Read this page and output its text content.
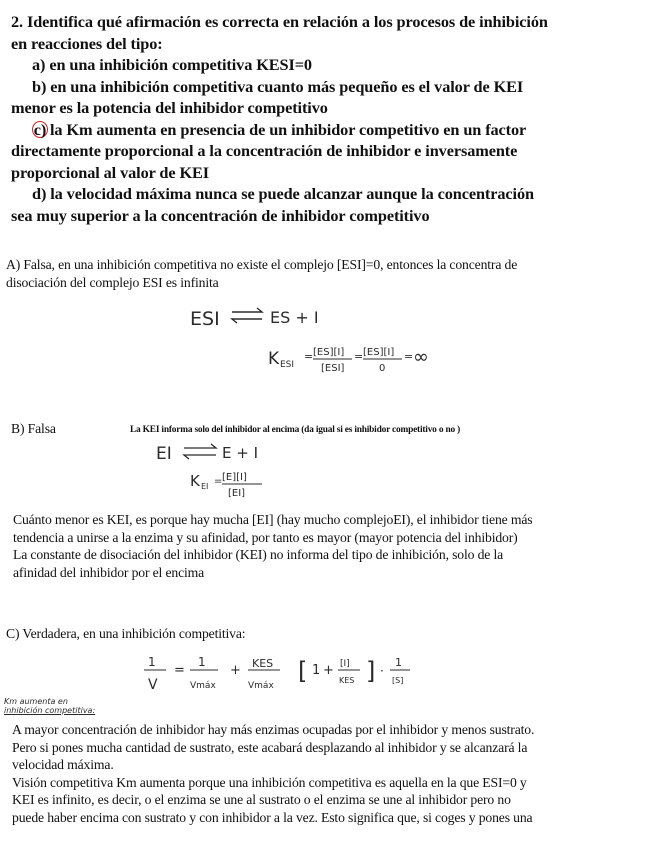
2. Identifica qué afirmación es correcta en relación a los procesos de inhibición

en reacciones del tipo:

a) en una inhibición competitiva KESI=0

b) en una inhibición competitiva cuanto más pequeño es el valor de KEI

menor es la potencia del inhibidor competitivo

c) la Km aumenta en presencia de un inhibidor competitivo en un factor

directamente proporcional a la concentración de inhibidor e inversamente

proporcional al valor de KEI

d) la velocidad máxima nunca se puede alcanzar aunque la concentración

sea muy superior a la concentración de inhibidor competitivo

A) Falsa, en una inhibición competitiva no existe el complejo [ESI]=0, entonces la concentra de

disociación del complejo ESI es infinita

ESI	ES + I
K ESI
= [ES][I]
[ESI]
= [ES][I]
0
= ∞
B) Falsa	La KEI informa solo del inhibidor al encima (da igual si es inhibidor competitivo o no )
EI	E + I
K EI = [E][I]
[EI]

Cuánto menor es KEI, es porque hay mucha [EI] (hay mucho complejoEI), el inhibidor tiene más

tendencia a unirse a la enzima y su afinidad, por tanto es mayor (mayor potencia del inhibidor)

La constante de disociación del inhibidor (KEI) no informa del tipo de inhibición, solo de la

afinidad del inhibidor por el encima

C) Verdadera, en una inhibición competitiva:
1
V
=
1
Vmáx
+ KES
Vmáx
[ 1 + [I]
KES ] ·
1
[S]
Km aumenta en
inhibición competitiva:

A mayor concentración de inhibidor hay más enzimas ocupadas por el inhibidor y menos sustrato.

Pero si pones mucha cantidad de sustrato, este acabará desplazando al inhibidor y se alcanzará la

velocidad máxima.

Visión competitiva Km aumenta porque una inhibición competitiva es aquella en la que ESI=0 y

KEI es infinito, es decir, o el enzima se une al sustrato o el enzima se une al inhibidor pero no

puede haber encima con sustrato y con inhibidor a la vez. Esto significa que, si coges y pones una
